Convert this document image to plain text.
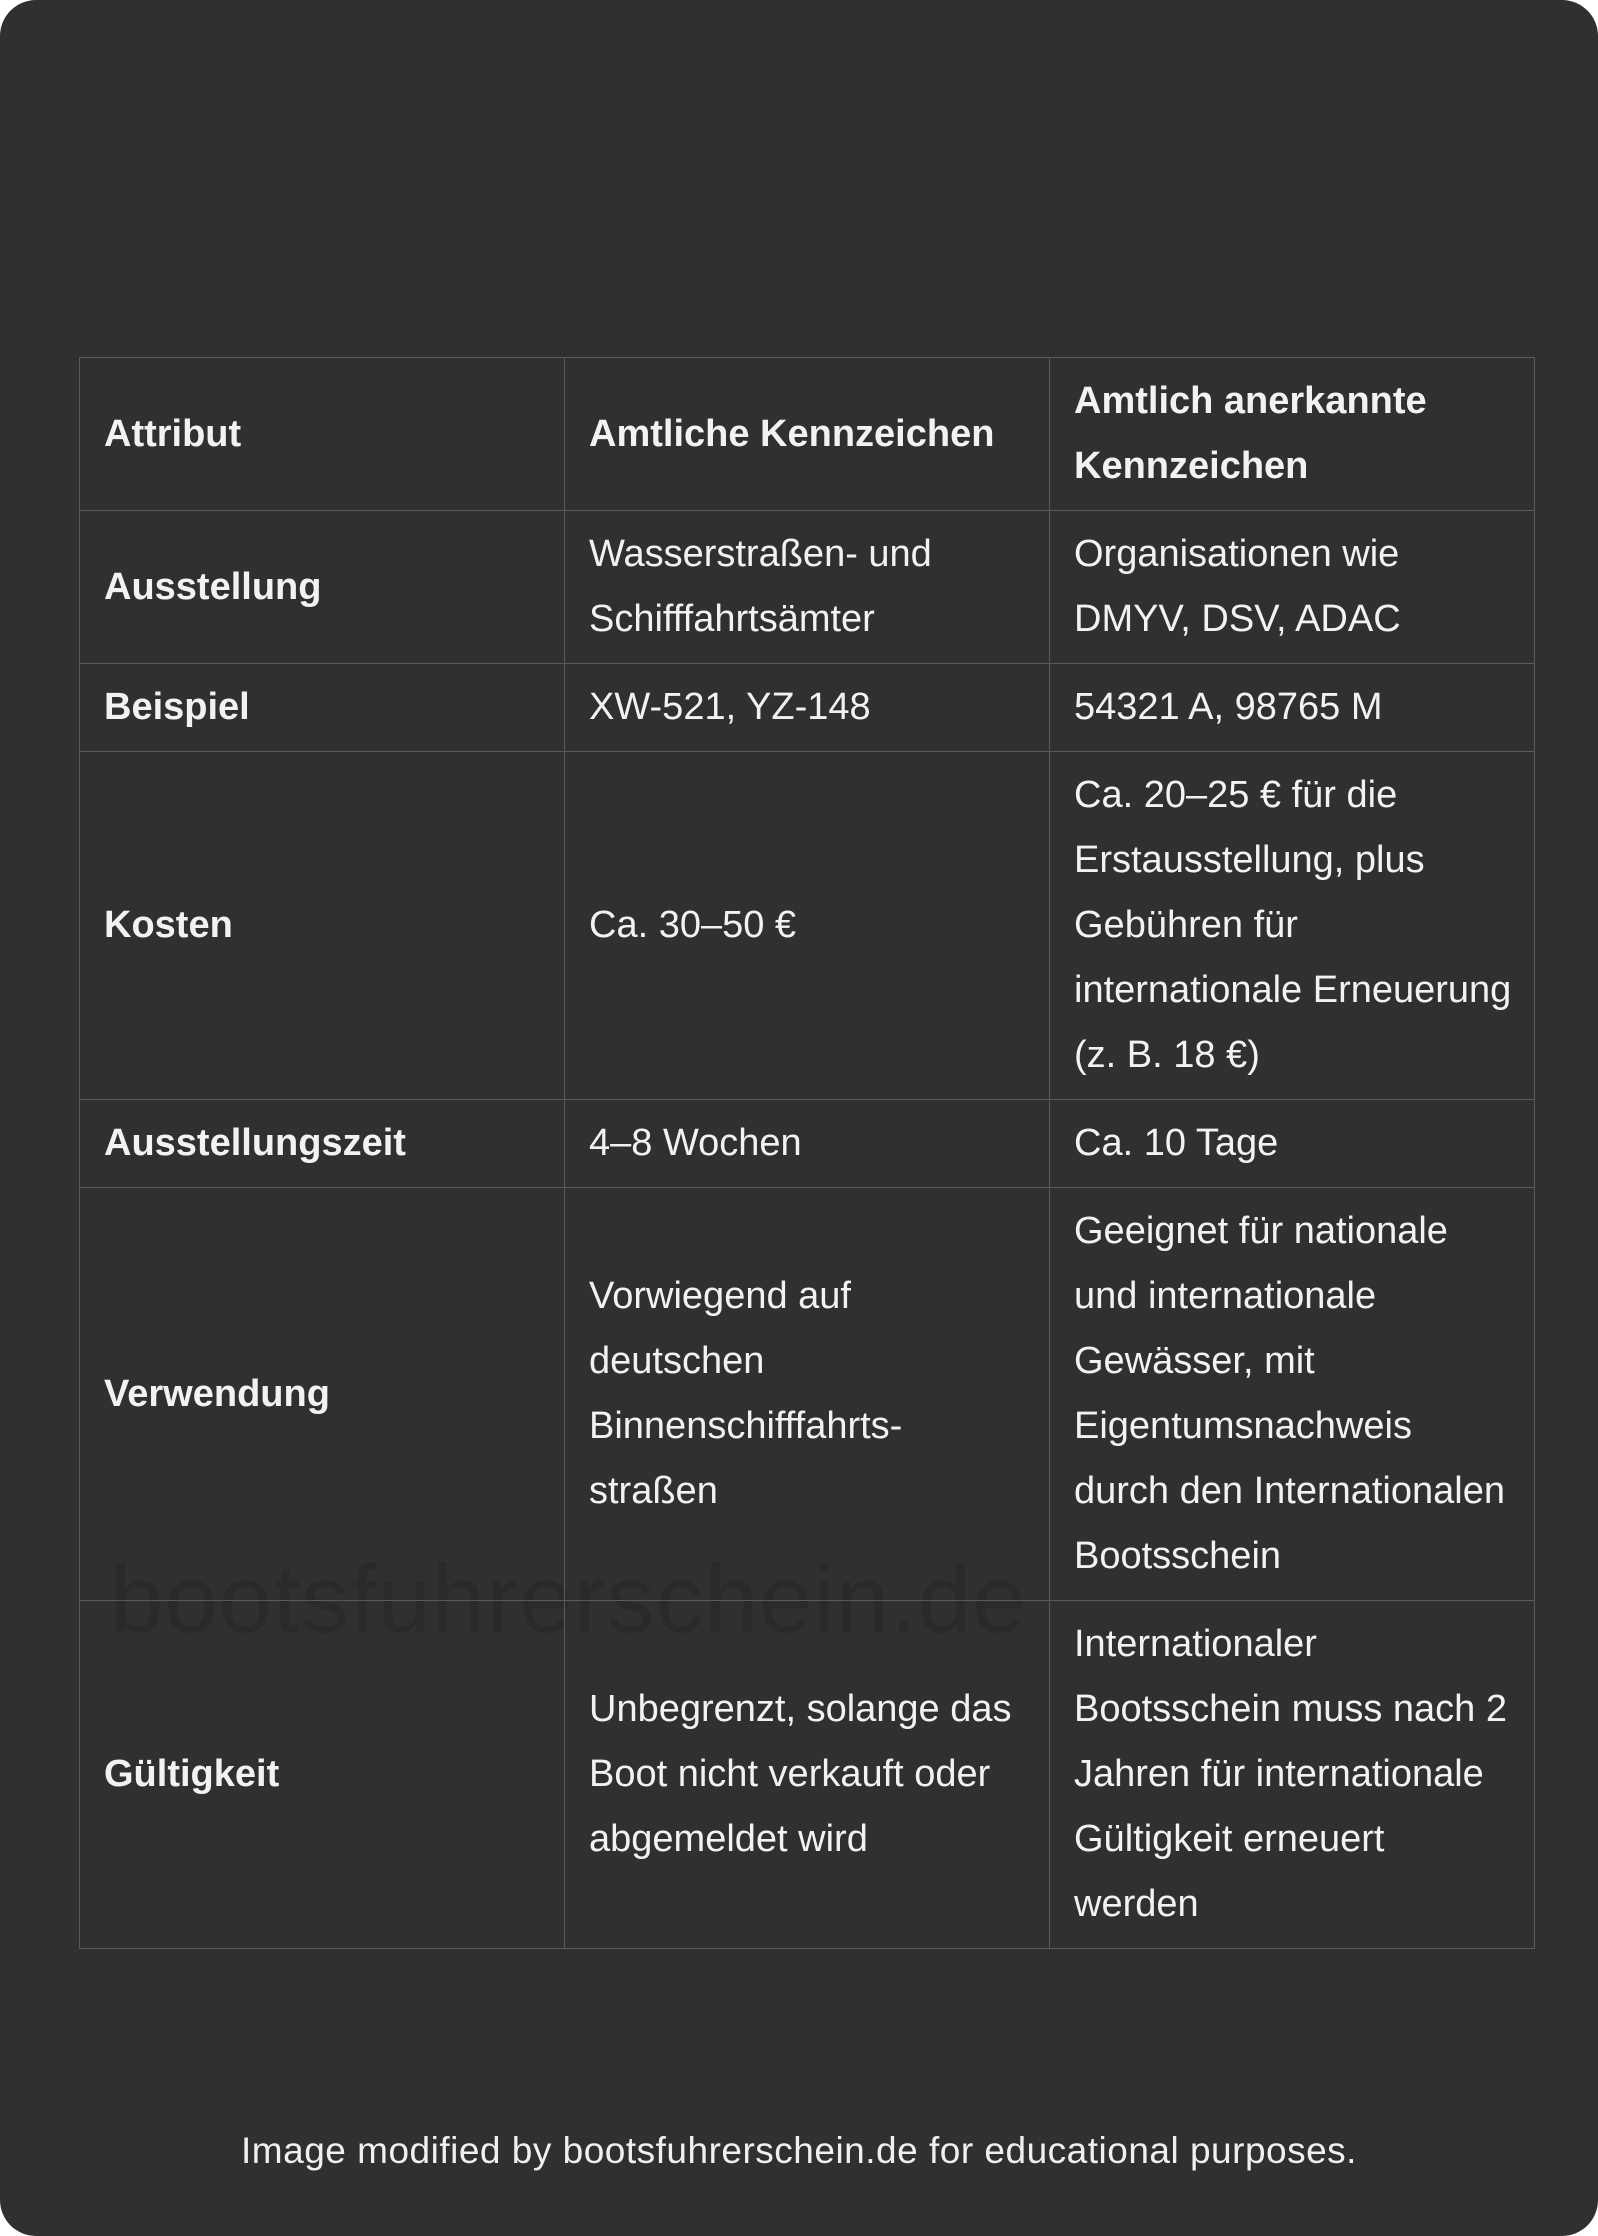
bootsfuhrerschein.de
Attribut	Amtliche Kennzeichen	Amtlich anerkannte Kennzeichen
Ausstellung	Wasserstraßen- und Schifffahrtsämter	Organisationen wie DMYV, DSV, ADAC
Beispiel	XW-521, YZ-148	54321 A, 98765 M
Kosten	Ca. 30–50 €	Ca. 20–25 € für die Erstausstellung, plus Gebühren für internationale Erneuerung (z. B. 18 €)
Ausstellungszeit	4–8 Wochen	Ca. 10 Tage
Verwendung	Vorwiegend auf deutschen Binnenschifffahrts-straßen	Geeignet für nationale und internationale Gewässer, mit Eigentumsnachweis durch den Internationalen Bootsschein
Gültigkeit	Unbegrenzt, solange das Boot nicht verkauft oder abgemeldet wird	Internationaler Bootsschein muss nach 2 Jahren für internationale Gültigkeit erneuert werden
Image modified by bootsfuhrerschein.de for educational purposes.
